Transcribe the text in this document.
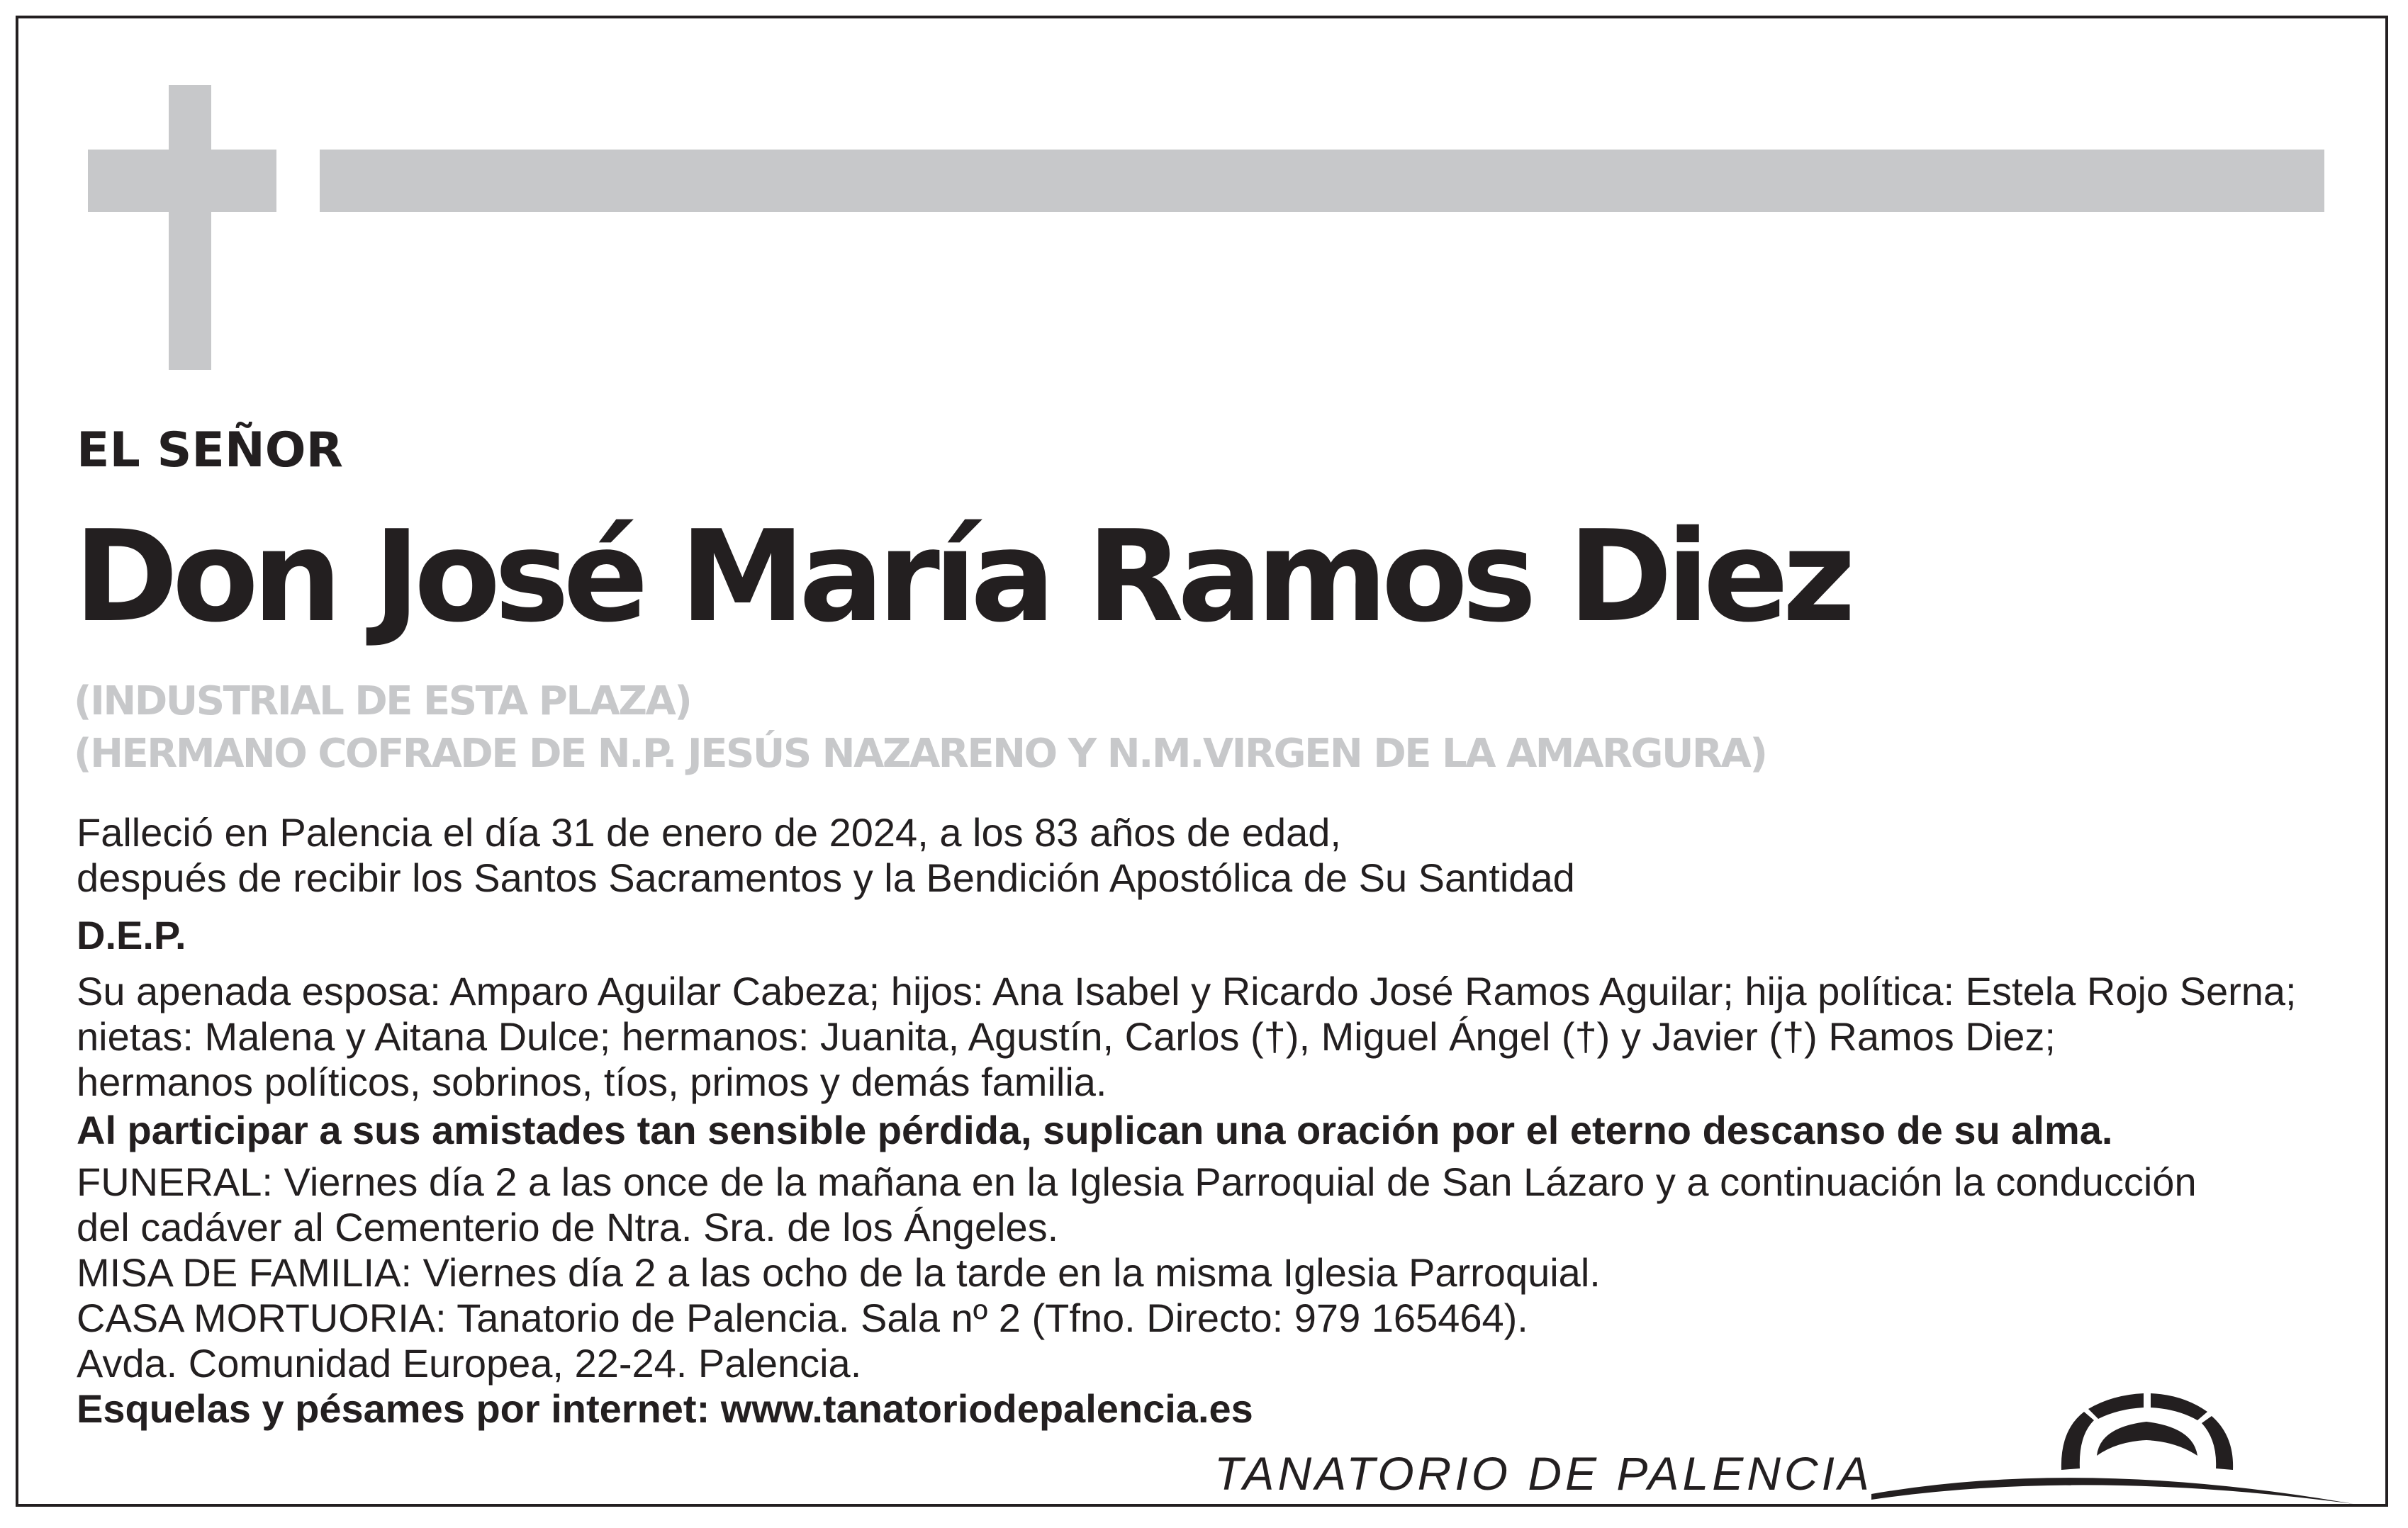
EL SEÑOR
Don José María Ramos Diez
(INDUSTRIAL DE ESTA PLAZA)
(HERMANO COFRADE DE N.P. JESÚS NAZARENO Y N.M.VIRGEN DE LA AMARGURA)
Falleció en Palencia el día 31 de enero de 2024, a los 83 años de edad,
después de recibir los Santos Sacramentos y la Bendición Apostólica de Su Santidad
D.E.P.
Su apenada esposa: Amparo Aguilar Cabeza; hijos: Ana Isabel y Ricardo José Ramos Aguilar; hija política: Estela Rojo Serna;
nietas: Malena y Aitana Dulce; hermanos: Juanita, Agustín, Carlos (†), Miguel Ángel (†) y Javier (†) Ramos Diez;
hermanos políticos, sobrinos, tíos, primos y demás familia.
Al participar a sus amistades tan sensible pérdida, suplican una oración por el eterno descanso de su alma.
FUNERAL: Viernes día 2 a las once de la mañana en la Iglesia Parroquial de San Lázaro y a continuación la conducción
del cadáver al Cementerio de Ntra. Sra. de los Ángeles.
MISA DE FAMILIA: Viernes día 2 a las ocho de la tarde en la misma Iglesia Parroquial.
CASA MORTUORIA: Tanatorio de Palencia. Sala nº 2 (Tfno. Directo: 979 165464).
Avda. Comunidad Europea, 22-24. Palencia.
Esquelas y pésames por internet: www.tanatoriodepalencia.es
TANATORIO DE PALENCIA
